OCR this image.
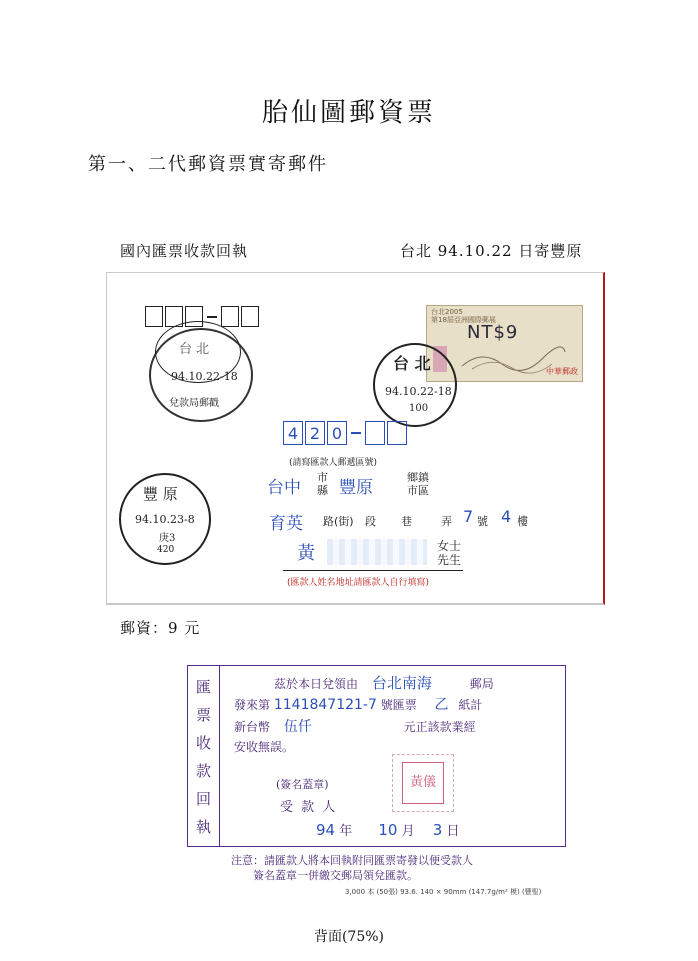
胎仙圖郵資票
第一、二代郵資票實寄郵件
國內匯票收款回執	台北 94.10.22 日寄豐原
台 北
94.10.22-18
兌款局郵戳
台北2005
第18屆亞洲國際郵展
NT$9
中華郵政
台 北
94.10.22-18
100
4 2 0
(請寫匯款人郵遞區號)
豐 原
94.10.23-8
庚3
420
台中
市
縣 豐原
鄉鎮
市區
育英 路(街) 段 巷	弄 7 號 4 樓
黃	女士
先生
(匯款人姓名地址請匯款人自行填寫)
郵資：9 元
匯
票
收
款
回
執
茲於本日兌領由 台北南海	郵局
發來第 1141847121-7 號匯票 乙 紙計
新台幣 伍仟	元正該款業經
安收無誤。
(簽名蓋章)
受 款 人
黃儀
94 年 10 月 3 日
注意：請匯款人將本回執附同匯票寄發以便受款人
簽名蓋章一併繳交郵局領兌匯款。
3,000 本 (50張) 93.6. 140 × 90mm (147.7g/m² 模) (豐聖)
背面(75%)
